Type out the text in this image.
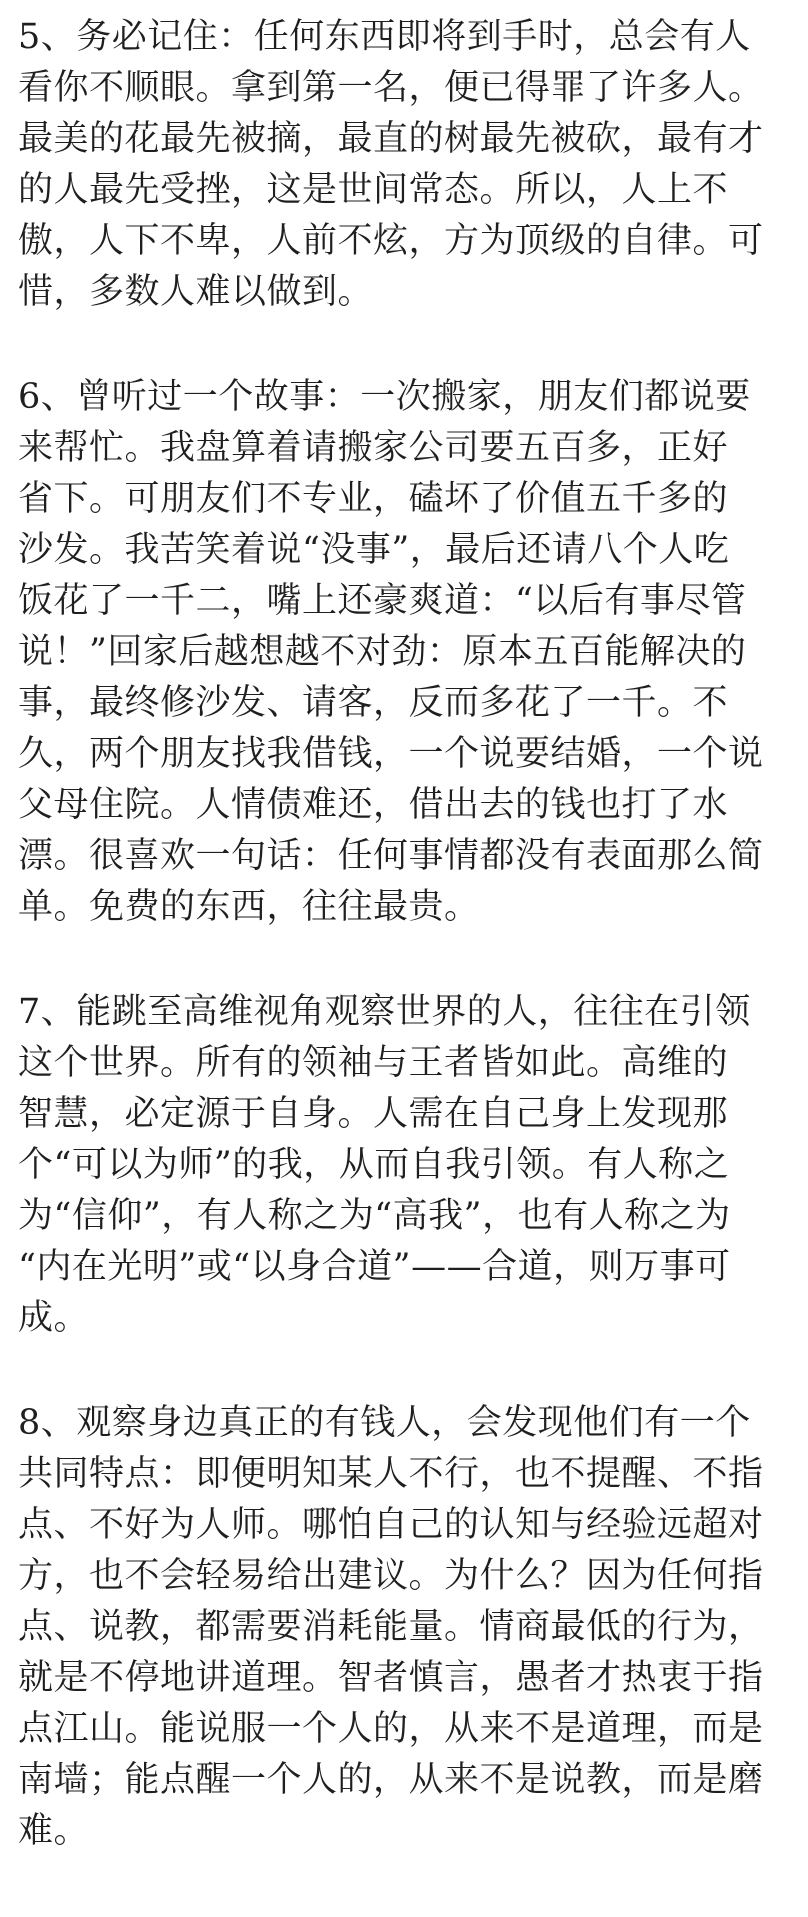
5、务必记住：任何东西即将到手时，总会有人
看你不顺眼。拿到第一名，便已得罪了许多人。
最美的花最先被摘，最直的树最先被砍，最有才
的人最先受挫，这是世间常态。所以，人上不
傲，人下不卑，人前不炫，方为顶级的自律。可
惜，多数人难以做到。
6、曾听过一个故事：一次搬家，朋友们都说要
来帮忙。我盘算着请搬家公司要五百多，正好
省下。可朋友们不专业，磕坏了价值五千多的
沙发。我苦笑着说“没事”，最后还请八个人吃
饭花了一千二，嘴上还豪爽道：“以后有事尽管
说！”回家后越想越不对劲：原本五百能解决的
事，最终修沙发、请客，反而多花了一千。不
久，两个朋友找我借钱，一个说要结婚，一个说
父母住院。人情债难还，借出去的钱也打了水
漂。很喜欢一句话：任何事情都没有表面那么简
单。免费的东西，往往最贵。
7、能跳至高维视角观察世界的人，往往在引领
这个世界。所有的领袖与王者皆如此。高维的
智慧，必定源于自身。人需在自己身上发现那
个“可以为师”的我，从而自我引领。有人称之
为“信仰”，有人称之为“高我”，也有人称之为
“内在光明”或“以身合道”——合道，则万事可
成。
8、观察身边真正的有钱人，会发现他们有一个
共同特点：即便明知某人不行，也不提醒、不指
点、不好为人师。哪怕自己的认知与经验远超对
方，也不会轻易给出建议。为什么？因为任何指
点、说教，都需要消耗能量。情商最低的行为，
就是不停地讲道理。智者慎言，愚者才热衷于指
点江山。能说服一个人的，从来不是道理，而是
南墙；能点醒一个人的，从来不是说教，而是磨
难。
